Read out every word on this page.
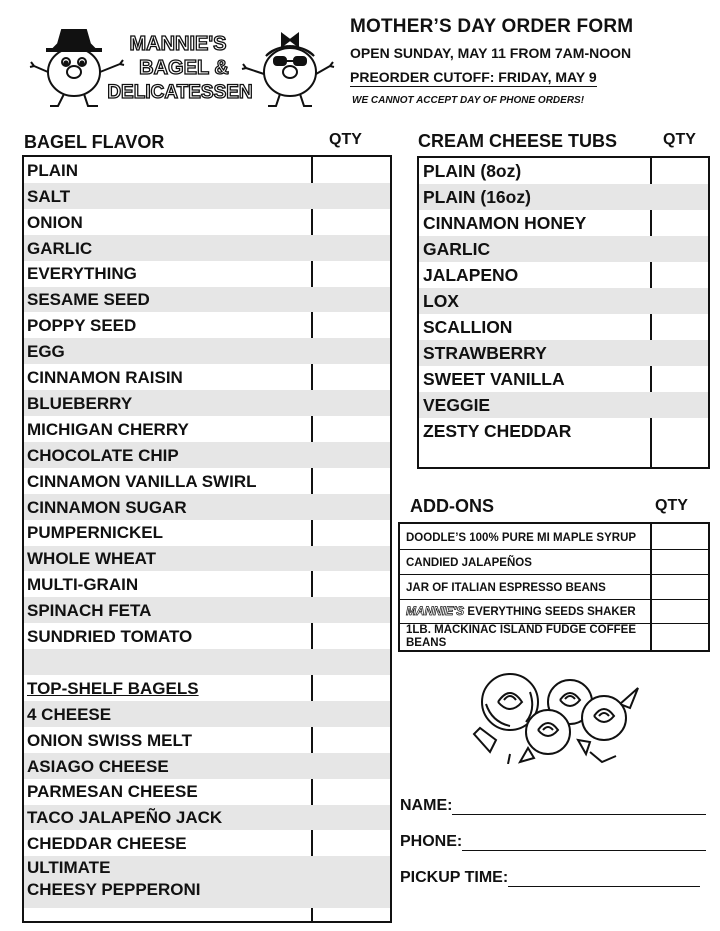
MANNIE'S
BAGEL &
DELICATESSEN
MOTHER’S DAY ORDER FORM
OPEN SUNDAY, MAY 11 FROM 7AM-NOON
PREORDER CUTOFF: FRIDAY, MAY 9
WE CANNOT ACCEPT DAY OF PHONE ORDERS!
BAGEL FLAVOR	QTY
PLAIN
SALT
ONION
GARLIC
EVERYTHING
SESAME SEED
POPPY SEED
EGG
CINNAMON RAISIN
BLUEBERRY
MICHIGAN CHERRY
CHOCOLATE CHIP
CINNAMON VANILLA SWIRL
CINNAMON SUGAR
PUMPERNICKEL
WHOLE WHEAT
MULTI-GRAIN
SPINACH FETA
SUNDRIED TOMATO
TOP-SHELF BAGELS
4 CHEESE
ONION SWISS MELT
ASIAGO CHEESE
PARMESAN CHEESE
TACO JALAPEÑO JACK
CHEDDAR CHEESE
ULTIMATE
CHEESY PEPPERONI
CREAM CHEESE TUBS	QTY
PLAIN (8oz)
PLAIN (16oz)
CINNAMON HONEY
GARLIC
JALAPENO
LOX
SCALLION
STRAWBERRY
SWEET VANILLA
VEGGIE
ZESTY CHEDDAR
ADD-ONS	QTY
DOODLE’S 100% PURE MI MAPLE SYRUP
CANDIED JALAPEÑOS
JAR OF ITALIAN ESPRESSO BEANS
MANNIE'S EVERYTHING SEEDS SHAKER
1LB. MACKINAC ISLAND FUDGE COFFEE BEANS
NAME:
PHONE:
PICKUP TIME:
